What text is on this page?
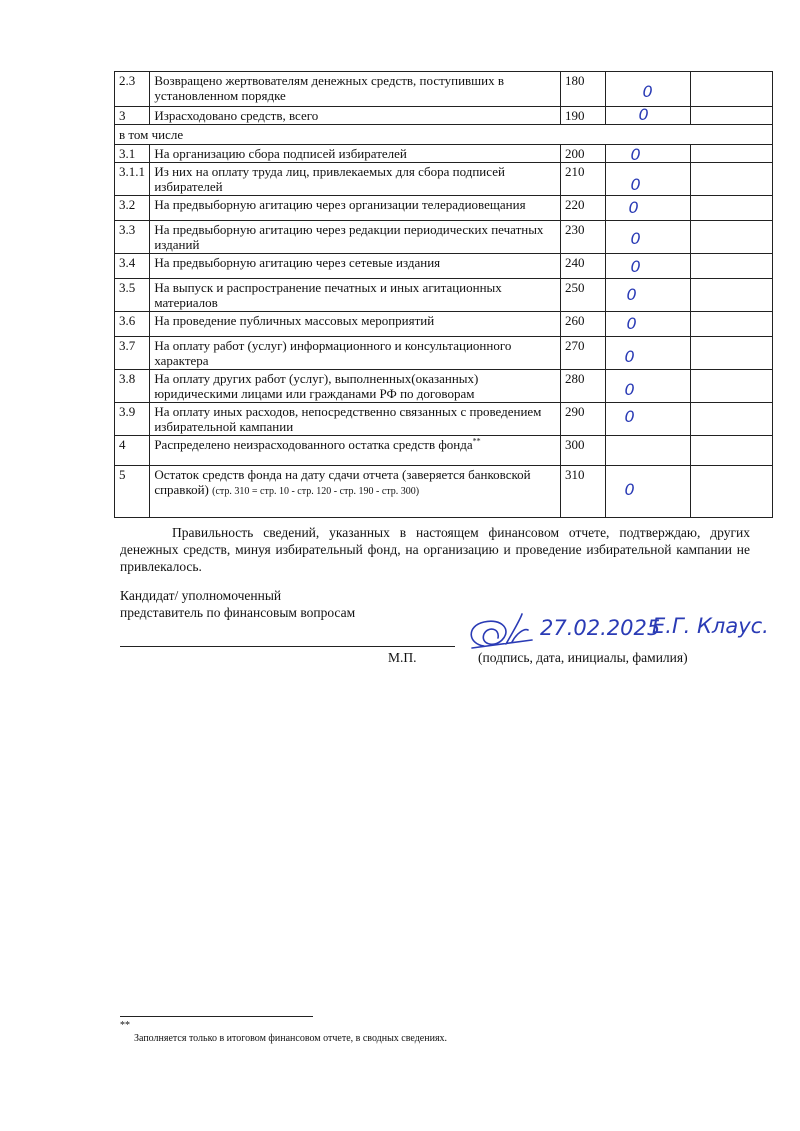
2.3	Возвращено жертвователям денежных средств, поступивших в установленном порядке	180	0	

3	Израсходовано средств, всего	190	0	

в том числе				
3.1	На организацию сбора подписей избирателей	200	0	

3.1.1	Из них на оплату труда лиц, привлекаемых для сбора подписей избирателей	210	0	

3.2	На предвыборную агитацию через организации телерадиовещания	220	0	

3.3	На предвыборную агитацию через редакции периодических печатных изданий	230	0	

3.4	На предвыборную агитацию через сетевые издания	240	0	

3.5	На выпуск и распространение печатных и иных агитационных материалов	250	0	

3.6	На проведение публичных массовых мероприятий	260	0	

3.7	На оплату работ (услуг) информационного и консультационного характера	270	0	

3.8	На оплату других работ (услуг), выполненных(оказанных) юридическими лицами или гражданами РФ по договорам	280	0	

3.9	На оплату иных расходов, непосредственно связанных с проведением избирательной кампании	290	0	

4	Распределено неизрасходованного остатка средств фонда**	300	

5	Остаток средств фонда на дату сдачи отчета (заверяется банковской справкой) (стр. 310 = стр. 10 - стр. 120 - стр. 190 - стр. 300)	310	0	

Правильность сведений, указанных в настоящем финансовом отчете, подтверждаю, других денежных средств, минуя избирательный фонд, на организацию и проведение избирательной кампании не привлекалось.

Кандидат/ уполномоченный
представитель по финансовым вопросам

М.П.	(подпись, дата, инициалы, фамилия)

27.02.2025
Е.Г. Клаус.

**

Заполняется только в итоговом финансовом отчете, в сводных сведениях.
